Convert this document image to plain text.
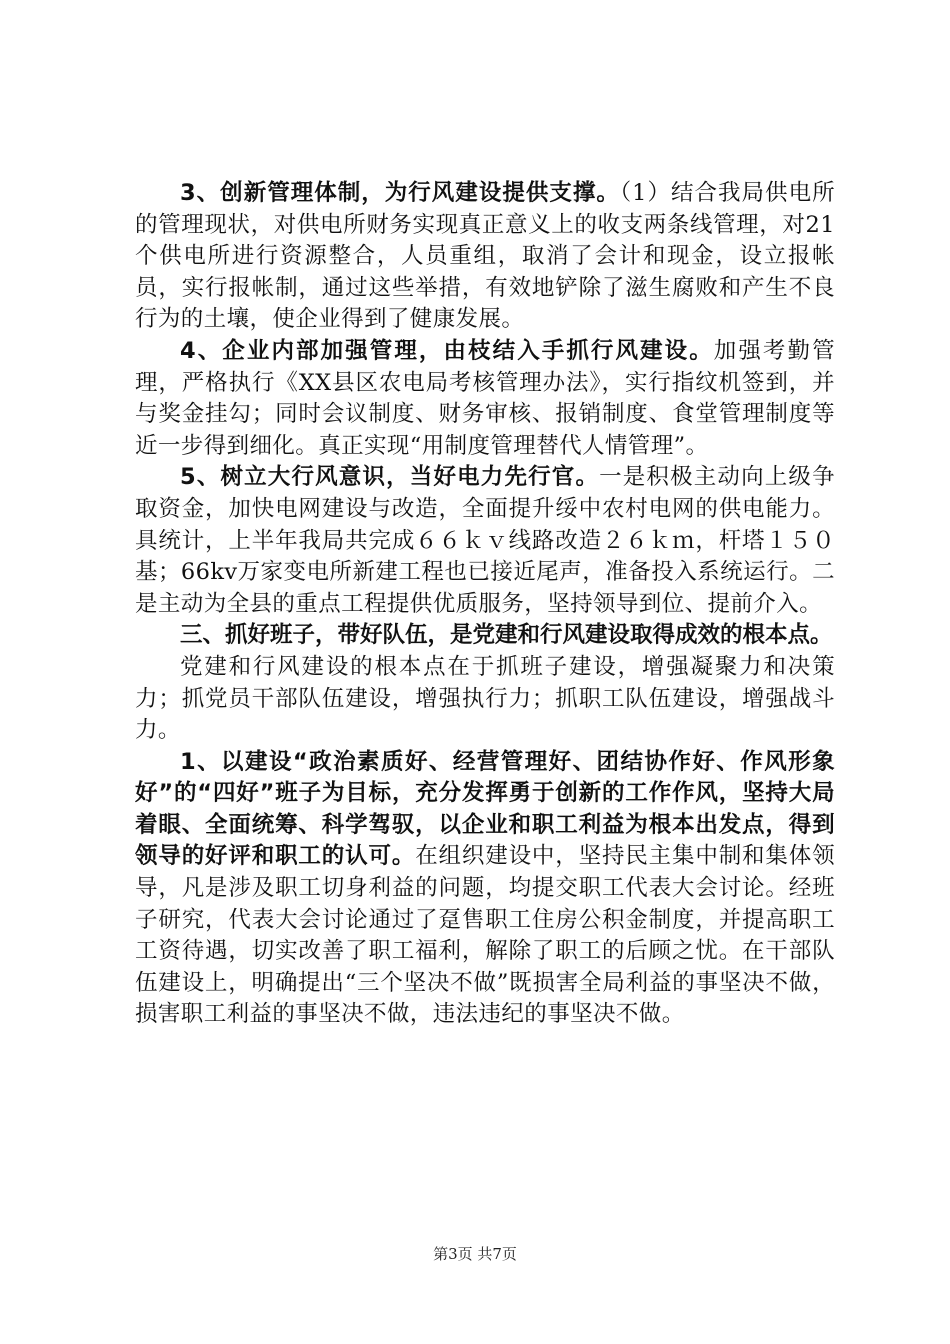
3、创新管理体制，为行风建设提供支撑。（1）结合我局供电所的管理现状，对供电所财务实现真正意义上的收支两条线管理，对21个供电所进行资源整合，人员重组，取消了会计和现金，设立报帐员，实行报帐制，通过这些举措，有效地铲除了滋生腐败和产生不良行为的土壤，使企业得到了健康发展。

4、企业内部加强管理，由枝结入手抓行风建设。加强考勤管理，严格执行《XX县区农电局考核管理办法》，实行指纹机签到，并与奖金挂勾；同时会议制度、财务审核、报销制度、食堂管理制度等近一步得到细化。真正实现“用制度管理替代人情管理”。

5、树立大行风意识，当好电力先行官。一是积极主动向上级争取资金，加快电网建设与改造，全面提升绥中农村电网的供电能力。具统计，上半年我局共完成６６ｋｖ线路改造２６ｋｍ，杆塔１５０基；66kv万家变电所新建工程也已接近尾声，准备投入系统运行。二是主动为全县的重点工程提供优质服务，坚持领导到位、提前介入。

三、抓好班子，带好队伍，是党建和行风建设取得成效的根本点。

党建和行风建设的根本点在于抓班子建设，增强凝聚力和决策力；抓党员干部队伍建设，增强执行力；抓职工队伍建设，增强战斗力。

1、以建设“政治素质好、经营管理好、团结协作好、作风形象好”的“四好”班子为目标，充分发挥勇于创新的工作作风，坚持大局着眼、全面统筹、科学驾驭，以企业和职工利益为根本出发点，得到领导的好评和职工的认可。在组织建设中，坚持民主集中制和集体领导，凡是涉及职工切身利益的问题，均提交职工代表大会讨论。经班子研究，代表大会讨论通过了趸售职工住房公积金制度，并提高职工工资待遇，切实改善了职工福利，解除了职工的后顾之忧。在干部队伍建设上，明确提出“三个坚决不做”既损害全局利益的事坚决不做，损害职工利益的事坚决不做，违法违纪的事坚决不做。

第3页 共7页
